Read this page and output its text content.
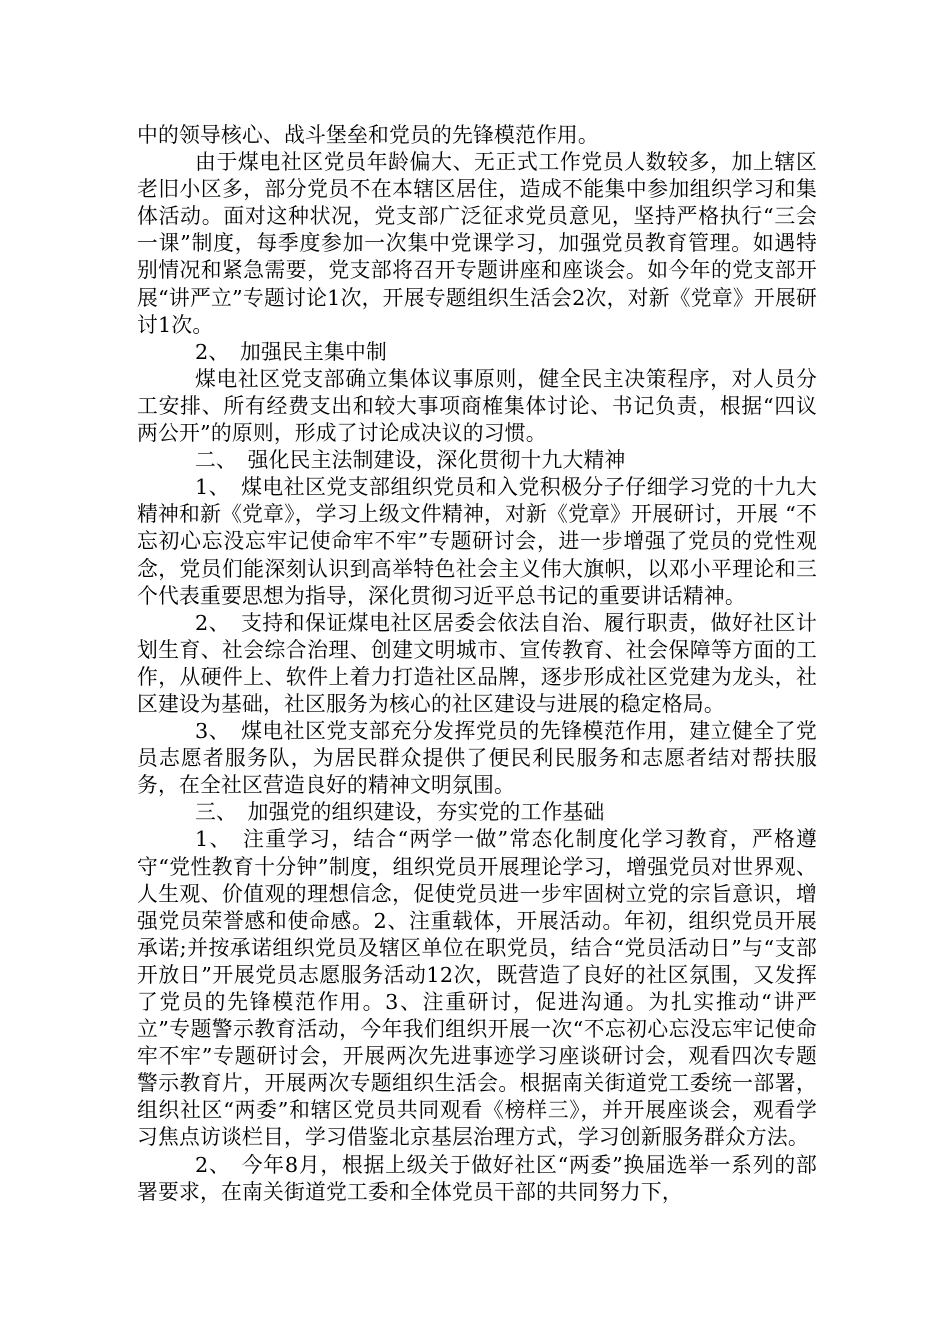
中的领导核心、战斗堡垒和党员的先锋模范作用。

由于煤电社区党员年龄偏大、无正式工作党员人数较多，加上辖区老旧小区多，部分党员不在本辖区居住，造成不能集中参加组织学习和集体活动。面对这种状况，党支部广泛征求党员意见，坚持严格执行“三会一课”制度，每季度参加一次集中党课学习，加强党员教育管理。如遇特别情况和紧急需要，党支部将召开专题讲座和座谈会。如今年的党支部开展“讲严立”专题讨论1次，开展专题组织生活会2次，对新《党章》开展研讨1次。

2、　加强民主集中制

煤电社区党支部确立集体议事原则，健全民主决策程序，对人员分工安排、所有经费支出和较大事项商榷集体讨论、书记负责，根据“四议两公开”的原则，形成了讨论成决议的习惯。

二、　强化民主法制建设，深化贯彻十九大精神

1、　煤电社区党支部组织党员和入党积极分子仔细学习党的十九大精神和新《党章》，学习上级文件精神，对新《党章》开展研讨，开展 “不忘初心忘没忘牢记使命牢不牢”专题研讨会，进一步增强了党员的党性观念，党员们能深刻认识到高举特色社会主义伟大旗帜，以邓小平理论和三个代表重要思想为指导，深化贯彻习近平总书记的重要讲话精神。

2、　支持和保证煤电社区居委会依法自治、履行职责，做好社区计划生育、社会综合治理、创建文明城市、宣传教育、社会保障等方面的工作，从硬件上、软件上着力打造社区品牌，逐步形成社区党建为龙头，社区建设为基础，社区服务为核心的社区建设与进展的稳定格局。

3、　煤电社区党支部充分发挥党员的先锋模范作用，建立健全了党员志愿者服务队，为居民群众提供了便民利民服务和志愿者结对帮扶服务，在全社区营造良好的精神文明氛围。

三、　加强党的组织建设，夯实党的工作基础

1、　注重学习，结合“两学一做”常态化制度化学习教育，严格遵守“党性教育十分钟”制度，组织党员开展理论学习，增强党员对世界观、人生观、价值观的理想信念，促使党员进一步牢固树立党的宗旨意识，增强党员荣誉感和使命感。2、注重载体，开展活动。年初，组织党员开展承诺;并按承诺组织党员及辖区单位在职党员，结合“党员活动日”与“支部开放日”开展党员志愿服务活动12次，既营造了良好的社区氛围，又发挥了党员的先锋模范作用。3、注重研讨，促进沟通。为扎实推动“讲严立”专题警示教育活动，今年我们组织开展一次“不忘初心忘没忘牢记使命牢不牢”专题研讨会，开展两次先进事迹学习座谈研讨会，观看四次专题警示教育片，开展两次专题组织生活会。根据南关街道党工委统一部署，组织社区“两委”和辖区党员共同观看《榜样三》，并开展座谈会，观看学习焦点访谈栏目，学习借鉴北京基层治理方式，学习创新服务群众方法。

2、　今年8月，根据上级关于做好社区“两委”换届选举一系列的部署要求，在南关街道党工委和全体党员干部的共同努力下，
